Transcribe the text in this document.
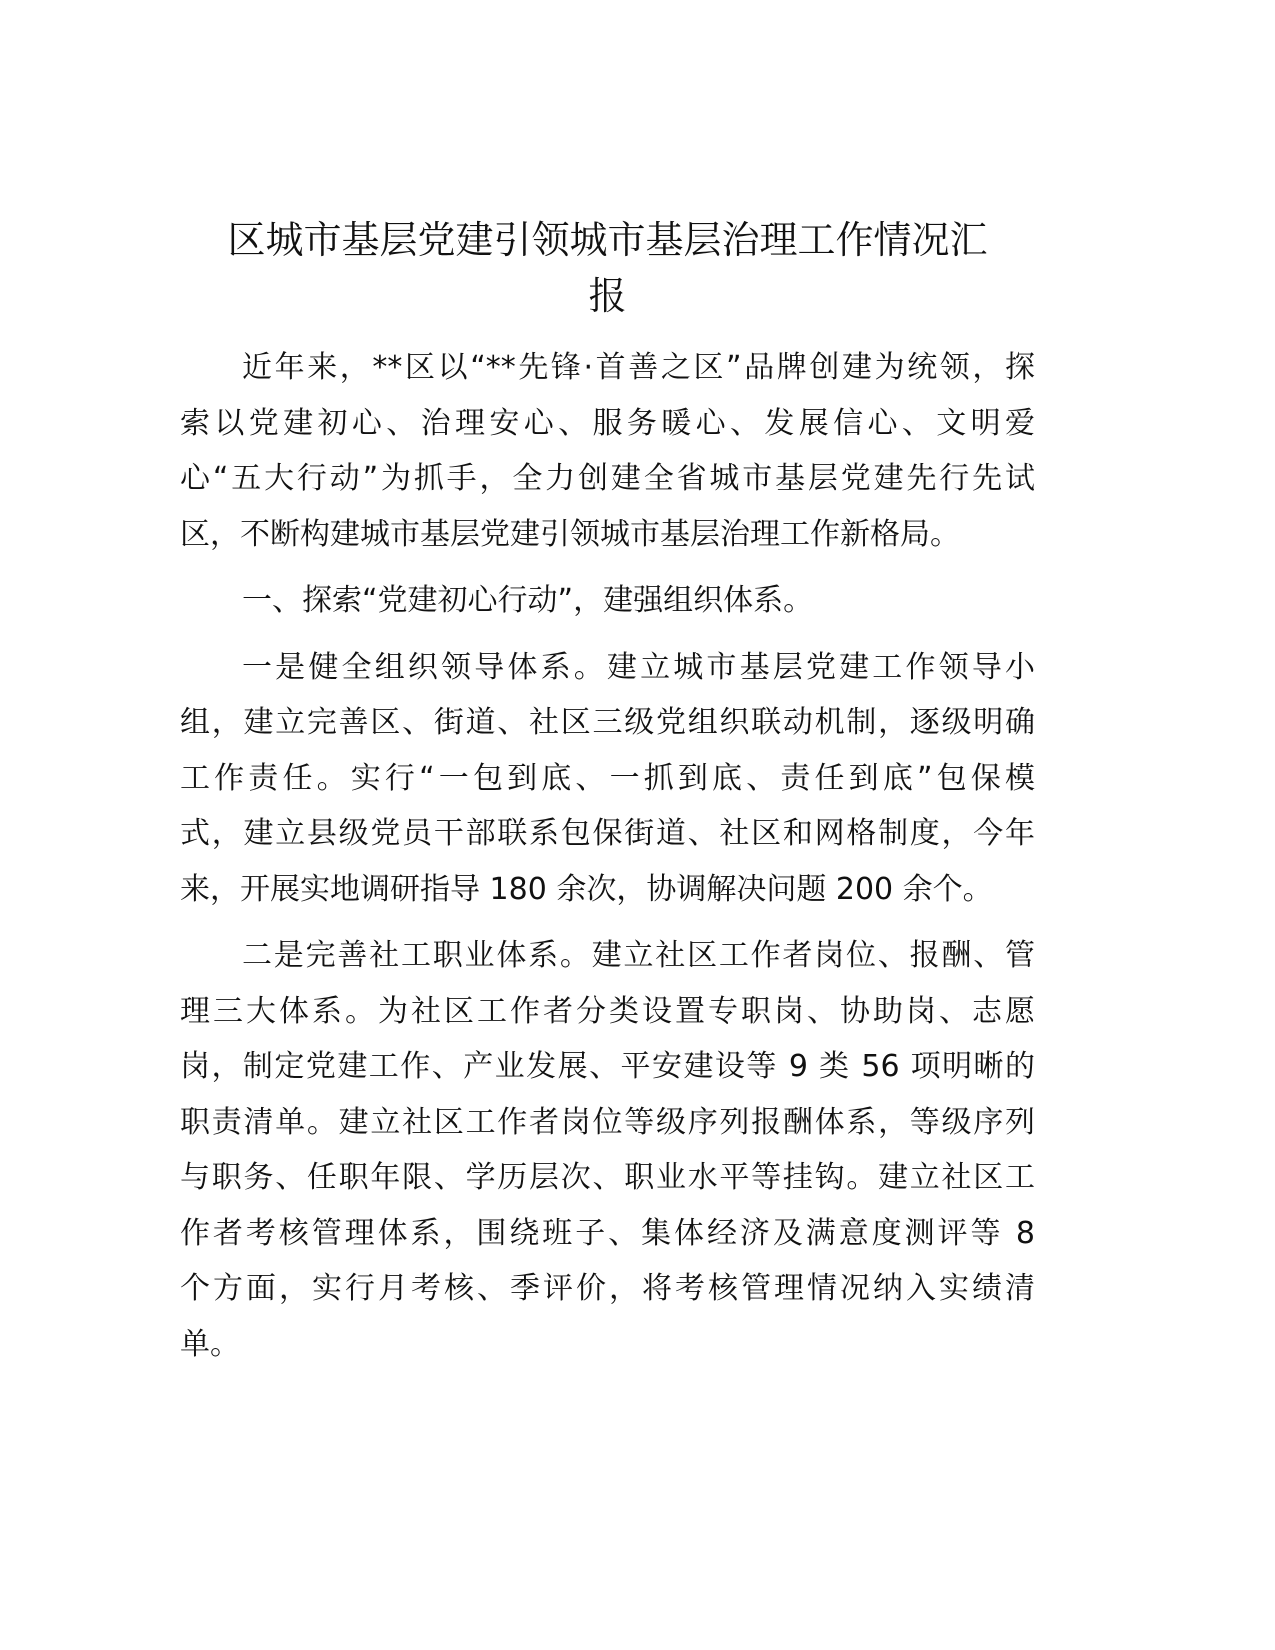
区城市基层党建引领城市基层治理工作情况汇
报
近年来，**区以“**先锋·首善之区”品牌创建为统领，探
索以党建初心、治理安心、服务暖心、发展信心、文明爱
心“五大行动”为抓手，全力创建全省城市基层党建先行先试
区，不断构建城市基层党建引领城市基层治理工作新格局。
一、探索“党建初心行动”，建强组织体系。
一是健全组织领导体系。建立城市基层党建工作领导小
组，建立完善区、街道、社区三级党组织联动机制，逐级明确
工作责任。实行“一包到底、一抓到底、责任到底”包保模
式，建立县级党员干部联系包保街道、社区和网格制度，今年
来，开展实地调研指导 180 余次，协调解决问题 200 余个。
二是完善社工职业体系。建立社区工作者岗位、报酬、管
理三大体系。为社区工作者分类设置专职岗、协助岗、志愿
岗，制定党建工作、产业发展、平安建设等 9 类 56 项明晰的
职责清单。建立社区工作者岗位等级序列报酬体系，等级序列
与职务、任职年限、学历层次、职业水平等挂钩。建立社区工
作者考核管理体系，围绕班子、集体经济及满意度测评等 8
个方面，实行月考核、季评价，将考核管理情况纳入实绩清
单。
